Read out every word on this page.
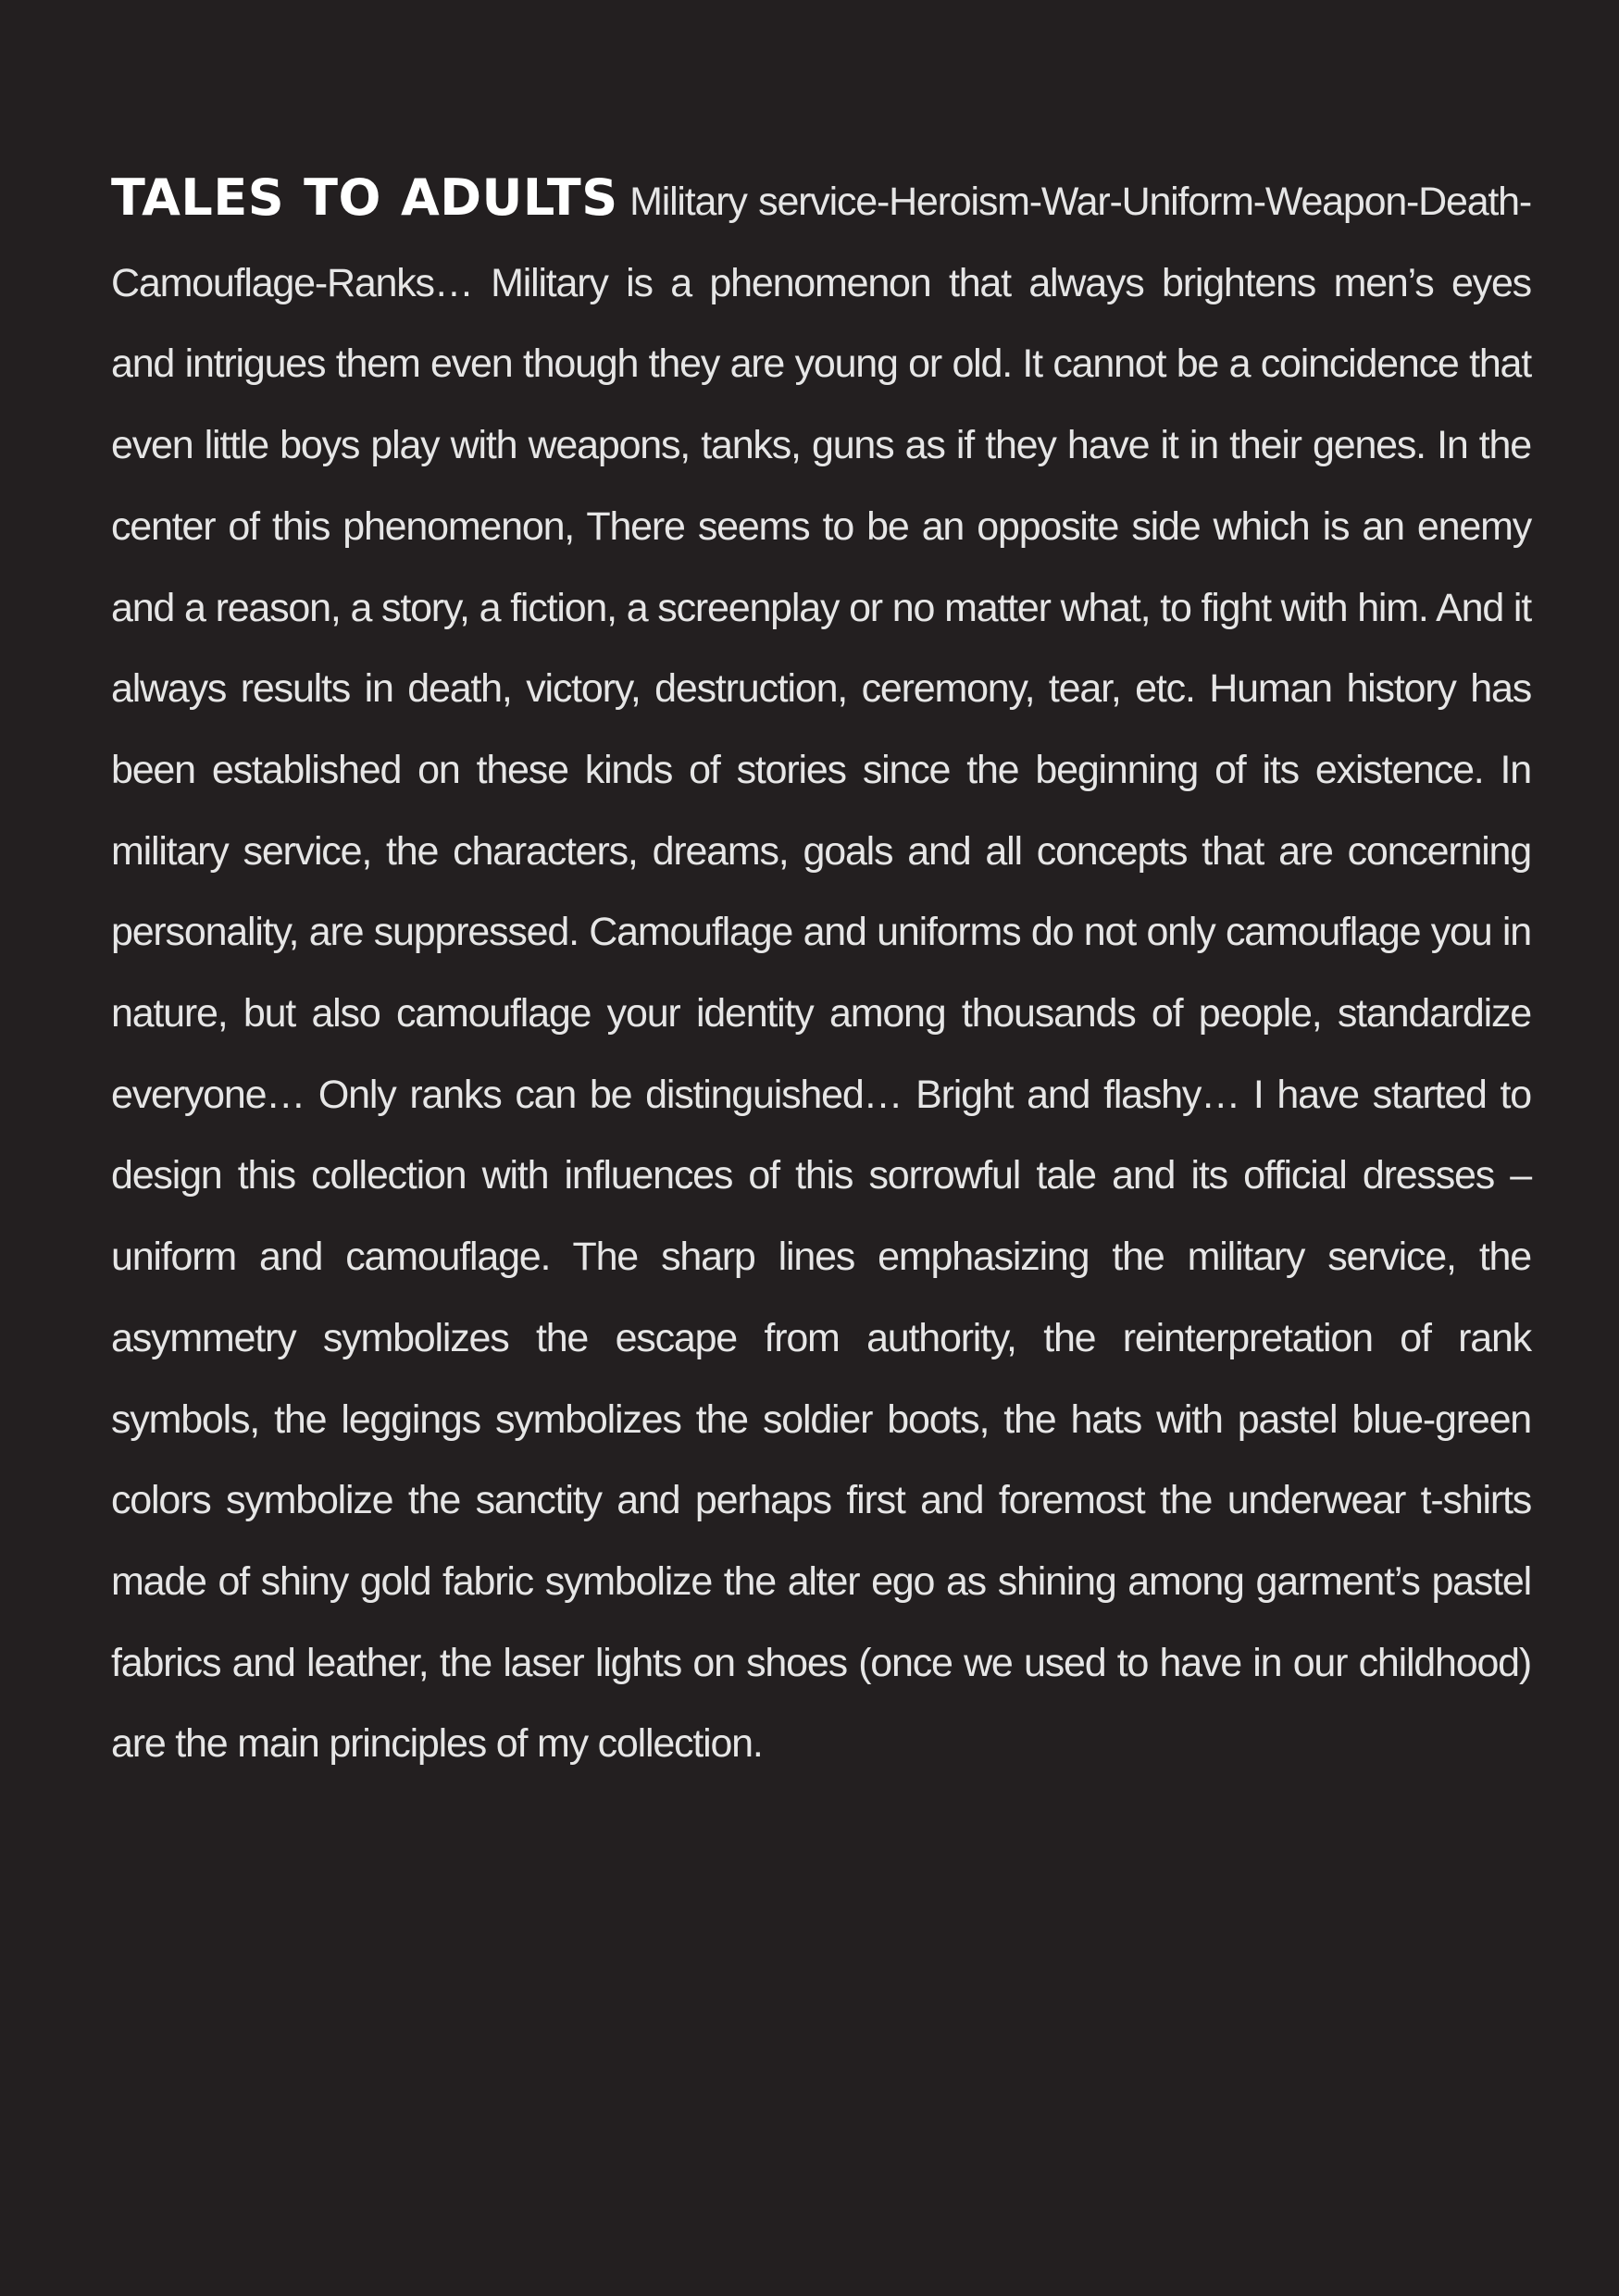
TALES TO ADULTS Military service-Heroism-War-Uniform-Weapon-Death-Camouflage-Ranks… Military is a phenomenon that always brightens men’s eyes and intrigues them even though they are young or old. It cannot be a coincidence that even little boys play with weapons, tanks, guns as if they have it in their genes. In the center of this phenomenon, There seems to be an opposite side which is an enemy and a reason, a story, a fiction, a screenplay or no matter what, to fight with him. And it always results in death, victory, destruction, ceremony, tear, etc. Human history has been established on these kinds of stories since the beginning of its existence. In military service, the characters, dreams, goals and all concepts that are concerning personality, are suppressed. Camouflage and uniforms do not only camouflage you in nature, but also camouflage your identity among thousands of people, standardize everyone… Only ranks can be distinguished… Bright and flashy… I have started to design this collection with influences of this sorrowful tale and its official dresses – uniform and camouflage. The sharp lines emphasizing the military service, the asymmetry symbolizes the escape from authority, the reinterpretation of rank symbols, the leggings symbolizes the soldier boots, the hats with pastel blue-green colors symbolize the sanctity and perhaps first and foremost the underwear t-shirts made of shiny gold fabric symbolize the alter ego as shining among garment’s pastel fabrics and leather, the laser lights on shoes (once we used to have in our childhood) are the main principles of my collection.
